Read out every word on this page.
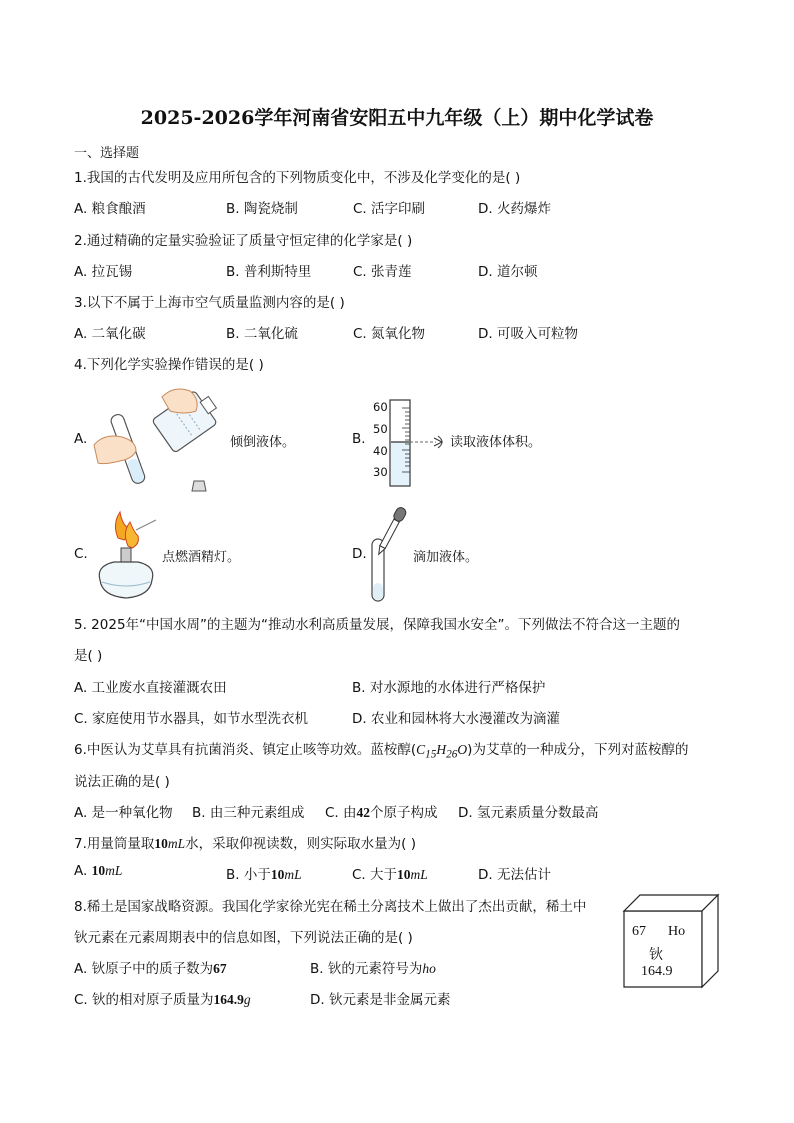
2025-2026学年河南省安阳五中九年级（上）期中化学试卷
一、选择题
1.我国的古代发明及应用所包含的下列物质变化中，不涉及化学变化的是( )
A. 粮食酿酒	B. 陶瓷烧制	C. 活字印刷	D. 火药爆炸
2.通过精确的定量实验验证了质量守恒定律的化学家是( )
A. 拉瓦锡	B. 普利斯特里	C. 张青莲	D. 道尔顿
3.以下不属于上海市空气质量监测内容的是( )
A. 二氧化碳	B. 二氧化硫	C. 氮氧化物	D. 可吸入可粒物
4.下列化学实验操作错误的是( )
A.	倾倒液体。	B.
60
50
40
30
读取液体体积。
C.	点燃酒精灯。	D.	滴加液体。
5. 2025年“中国水周”的主题为“推动水利高质量发展，保障我国水安全”。下列做法不符合这一主题的
是( )
A. 工业废水直接灌溉农田	B. 对水源地的水体进行严格保护
C. 家庭使用节水器具，如节水型洗衣机	D. 农业和园林将大水漫灌改为滴灌
6.中医认为艾草具有抗菌消炎、镇定止咳等功效。蓝桉醇$(C_{15}H_{26}O)$为艾草的一种成分，下列对蓝桉醇的
说法正确的是( )
A. 是一种氧化物 B. 由三种元素组成 C. 由42个原子构成 D. 氢元素质量分数最高
7.用量筒量取10mL水，采取仰视读数，则实际取水量为( )
A. 10mL	B. 小于10mL	C. 大于10mL	D. 无法估计
8.稀土是国家战略资源。我国化学家徐光宪在稀土分离技术上做出了杰出贡献，稀土中
钬元素在元素周期表中的信息如图，下列说法正确的是( )
A. 钬原子中的质子数为67	B. 钬的元素符号为ho
C. 钬的相对原子质量为164.9g	D. 钬元素是非金属元素
67 Ho
钬
164.9
